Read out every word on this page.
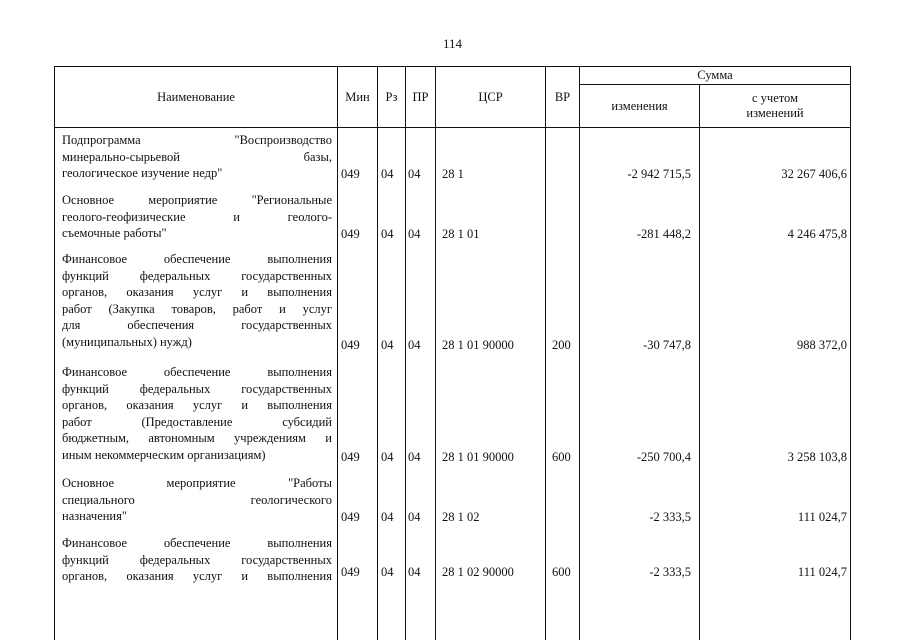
114
Наименование	Мин	Рз	ПР	ЦСР	ВР
Сумма
изменения
с учетом изменений
Подпрограмма "Воспроизводство
минерально-сырьевой базы,
геологическое изучение недр"	049	04	04	28 1	-2 942 715,5	32 267 406,6
Основное мероприятие "Региональные
геолого-геофизические и геолого-
съемочные работы"	049	04	04	28 1 01	-281 448,2	4 246 475,8
Финансовое обеспечение выполнения
функций федеральных государственных
органов, оказания услуг и выполнения
работ (Закупка товаров, работ и услуг
для обеспечения государственных
(муниципальных) нужд)	049	04	04	28 1 01 90000	200	-30 747,8	988 372,0
Финансовое обеспечение выполнения
функций федеральных государственных
органов, оказания услуг и выполнения
работ (Предоставление субсидий
бюджетным, автономным учреждениям и
иным некоммерческим организациям)	049	04	04	28 1 01 90000	600	-250 700,4	3 258 103,8
Основное мероприятие "Работы
специального геологического
назначения"	049	04	04	28 1 02	-2 333,5	111 024,7
Финансовое обеспечение выполнения
функций федеральных государственных
органов, оказания услуг и выполнения 049	04	04	28 1 02 90000	600	-2 333,5	111 024,7
